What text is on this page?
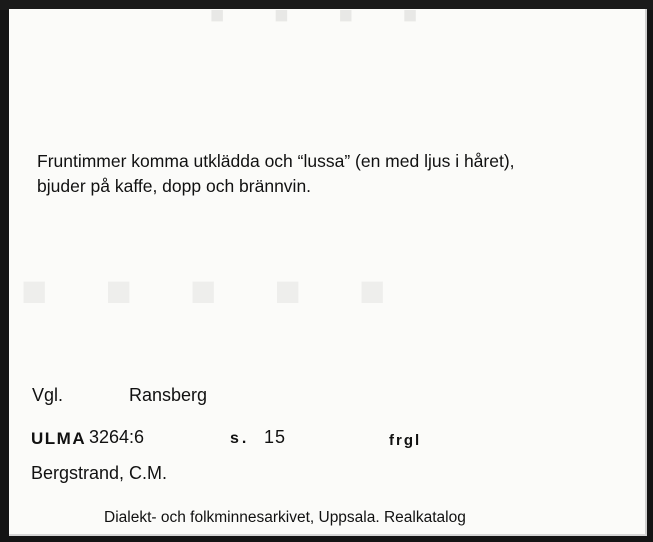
▪▪▪▪
▪▪▪▪▪
Fruntimmer komma utklädda och “lussa” (en med ljus i håret),
bjuder på kaffe, dopp och brännvin.
Vgl.	Ransberg
ULMA 3264:6	s. 15	frgl
Bergstrand, C.M.
Dialekt- och folkminnesarkivet, Uppsala. Realkatalog
